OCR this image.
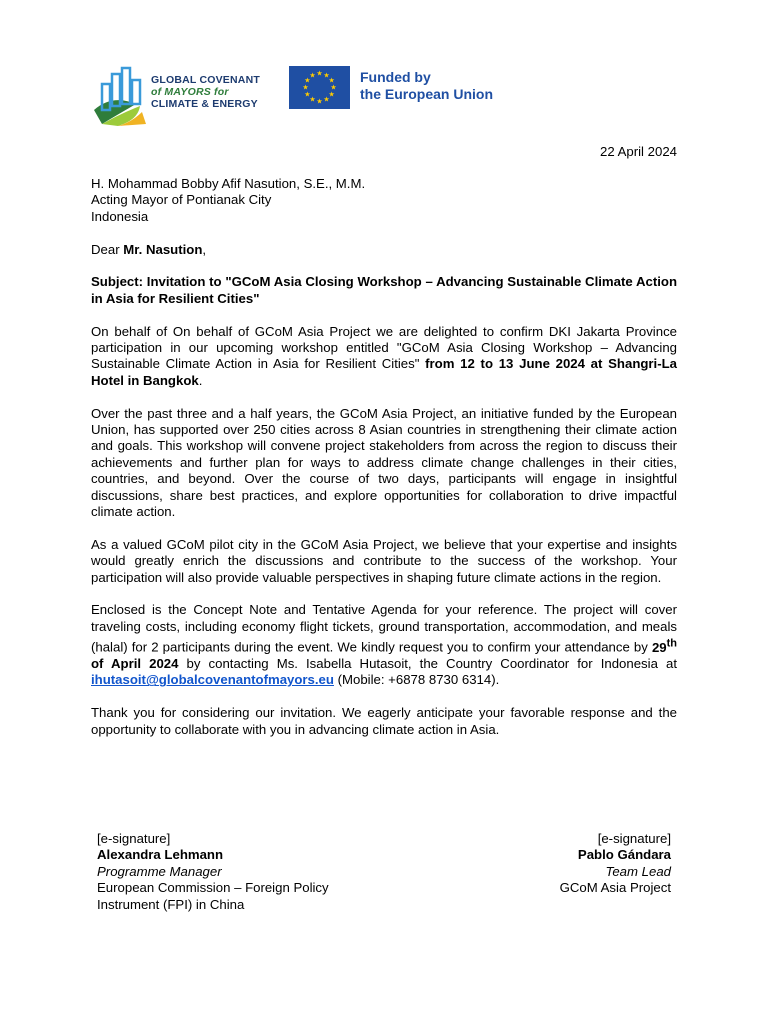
GLOBAL COVENANT
of MAYORS for
CLIMATE & ENERGY
★ ★
★
★
★
★
★
★
★
★
★
★	Funded by
the European Union
22 April 2024

H. Mohammad Bobby Afif Nasution, S.E., M.M.

Acting Mayor of Pontianak City

Indonesia

Dear Mr. Nasution,

Subject: Invitation to "GCoM Asia Closing Workshop – Advancing Sustainable Climate Action in Asia for Resilient Cities"

On behalf of On behalf of GCoM Asia Project we are delighted to confirm DKI Jakarta Province participation in our upcoming workshop entitled "GCoM Asia Closing Workshop – Advancing Sustainable Climate Action in Asia for Resilient Cities" from 12 to 13 June 2024 at Shangri-La Hotel in Bangkok.

Over the past three and a half years, the GCoM Asia Project, an initiative funded by the European Union, has supported over 250 cities across 8 Asian countries in strengthening their climate action and goals. This workshop will convene project stakeholders from across the region to discuss their achievements and further plan for ways to address climate change challenges in their cities, countries, and beyond. Over the course of two days, participants will engage in insightful discussions, share best practices, and explore opportunities for collaboration to drive impactful climate action.

As a valued GCoM pilot city in the GCoM Asia Project, we believe that your expertise and insights would greatly enrich the discussions and contribute to the success of the workshop. Your participation will also provide valuable perspectives in shaping future climate actions in the region.

Enclosed is the Concept Note and Tentative Agenda for your reference. The project will cover traveling costs, including economy flight tickets, ground transportation, accommodation, and meals (halal) for 2 participants during the event. We kindly request you to confirm your attendance by 29th of April 2024 by contacting Ms. Isabella Hutasoit, the Country Coordinator for Indonesia at ihutasoit@globalcovenantofmayors.eu (Mobile: +6878 8730 6314).

Thank you for considering our invitation. We eagerly anticipate your favorable response and the opportunity to collaborate with you in advancing climate action in Asia.

[e-signature]
Alexandra Lehmann
Programme Manager
European Commission – Foreign Policy
Instrument (FPI) in China
[e-signature]
Pablo Gándara
Team Lead
GCoM Asia Project
